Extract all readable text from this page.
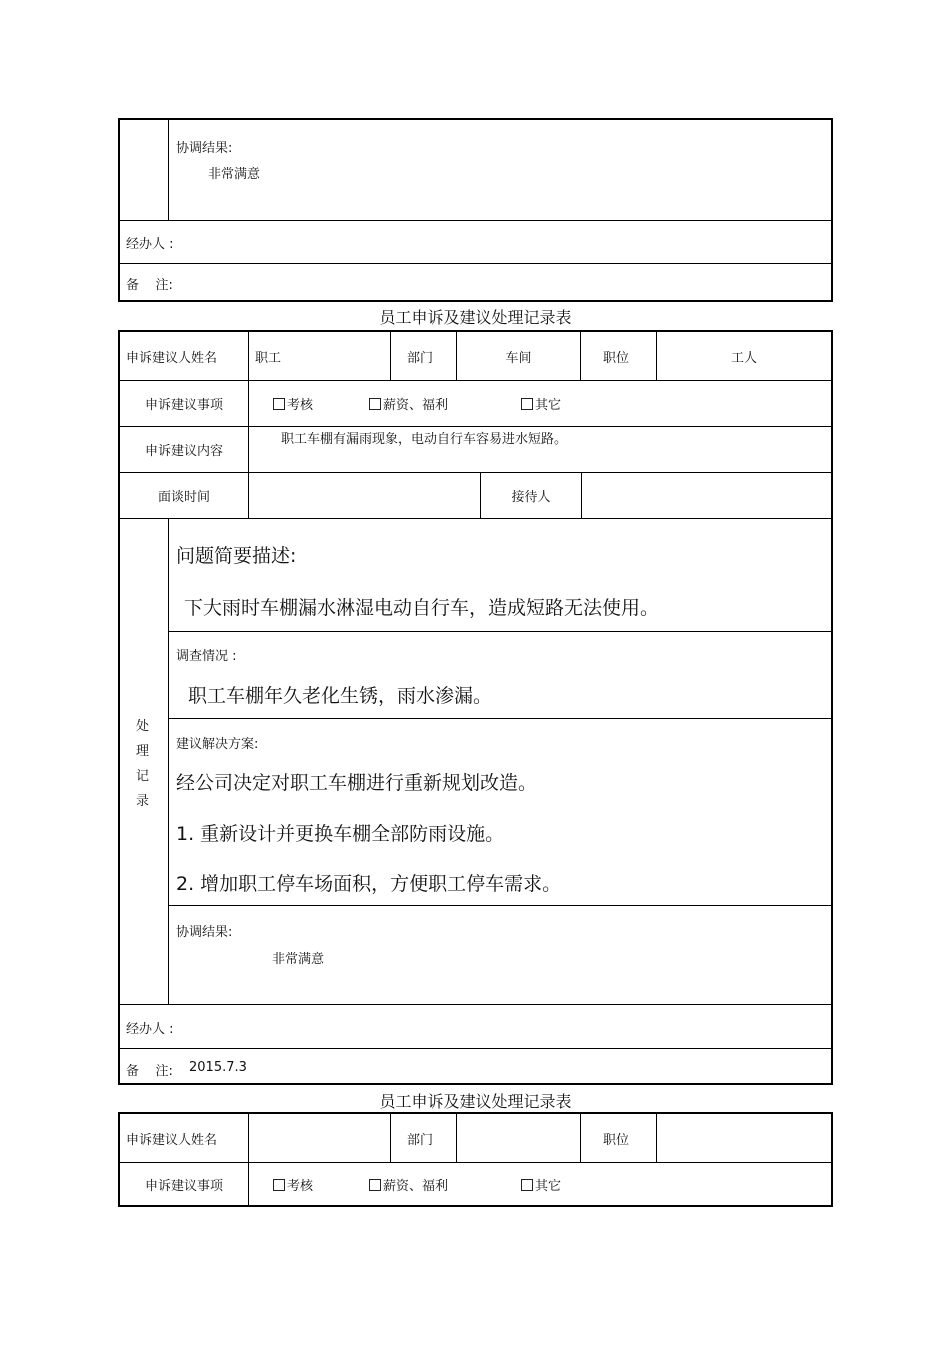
协调结果:
非常满意
经办人 :
备    注:
员工申诉及建议处理记录表
申诉建议人姓名	职工	部门	车间	职位	工人
申诉建议事项	考核	薪资、福利	其它
申诉建议内容
职工车棚有漏雨现象，电动自行车容易进水短路。
面谈时间	接待人
处
理
记
录
问题简要描述:
下大雨时车棚漏水淋湿电动自行车，造成短路无法使用。
调查情况 :
职工车棚年久老化生锈，雨水渗漏。
建议解决方案:
经公司决定对职工车棚进行重新规划改造。
1. 重新设计并更换车棚全部防雨设施。
2. 增加职工停车场面积，方便职工停车需求。
协调结果:
非常满意
经办人 :
备    注: 2015.7.3
员工申诉及建议处理记录表
申诉建议人姓名	部门	职位
申诉建议事项	考核	薪资、福利	其它
